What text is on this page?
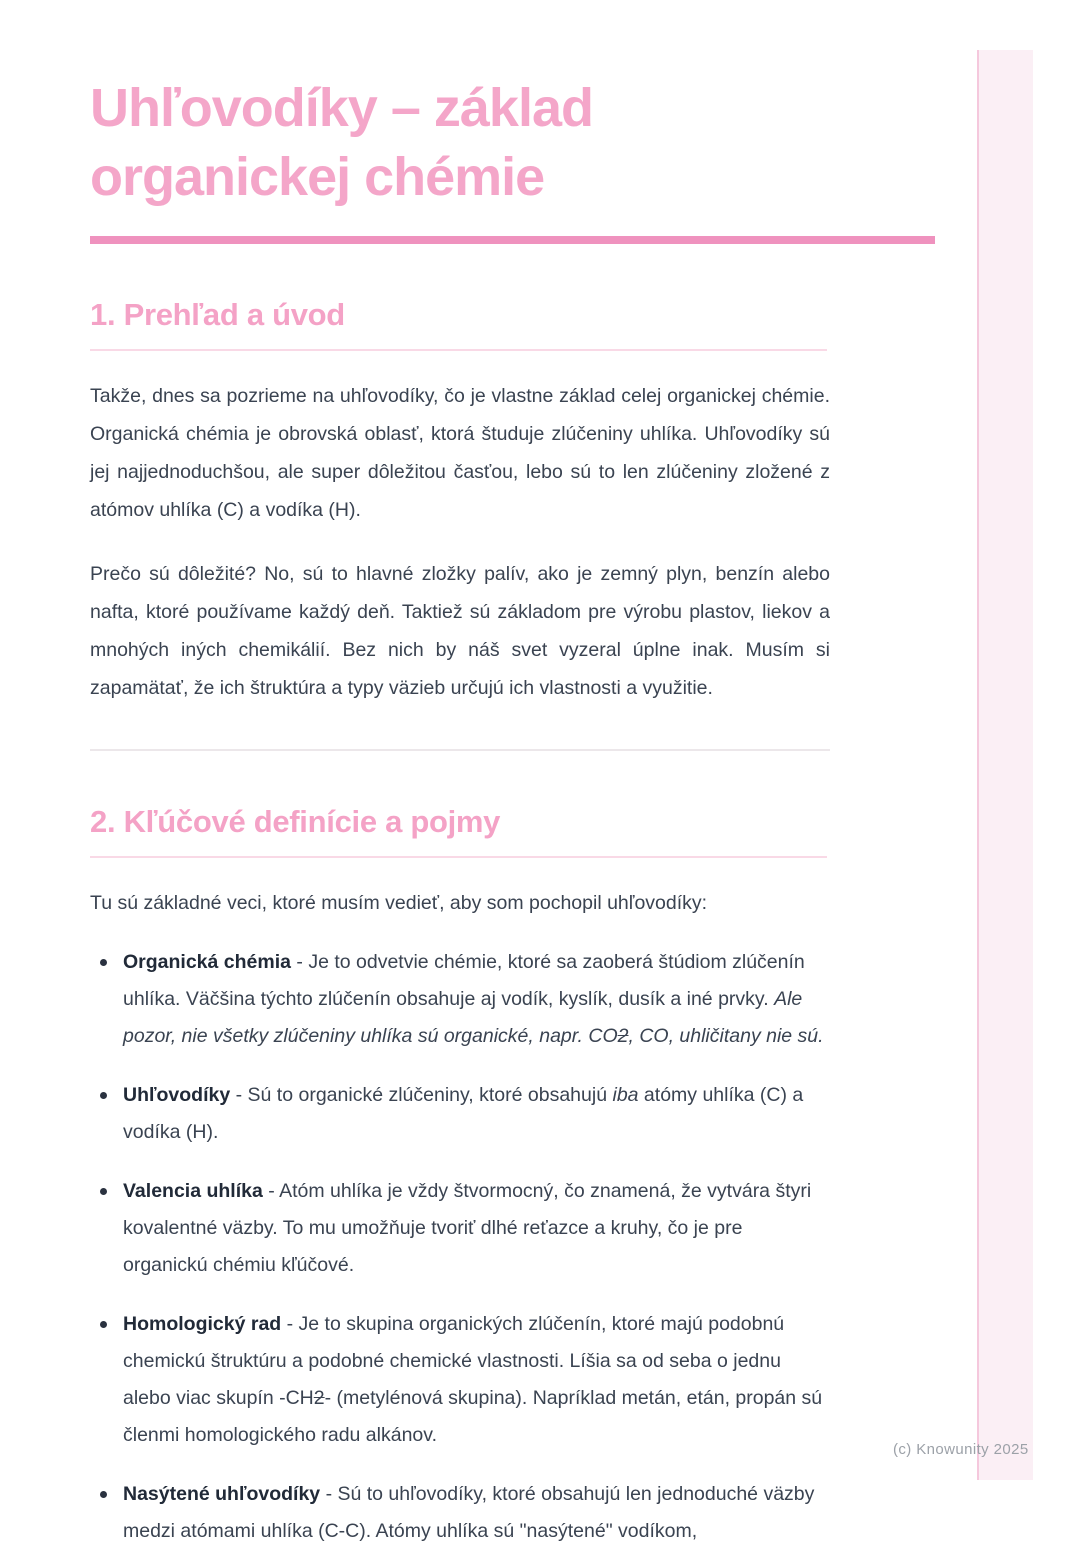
(c) Knowunity 2025
Uhľovodíky – základ organickej chémie
1. Prehľad a úvod

Takže, dnes sa pozrieme na uhľovodíky, čo je vlastne základ celej organickej chémie. Organická chémia je obrovská oblasť, ktorá študuje zlúčeniny uhlíka. Uhľovodíky sú jej najjednoduchšou, ale super dôležitou časťou, lebo sú to len zlúčeniny zložené z atómov uhlíka (C) a vodíka (H).

Prečo sú dôležité? No, sú to hlavné zložky palív, ako je zemný plyn, benzín alebo nafta, ktoré používame každý deň. Taktiež sú základom pre výrobu plastov, liekov a mnohých iných chemikálií. Bez nich by náš svet vyzeral úplne inak. Musím si zapamätať, že ich štruktúra a typy väzieb určujú ich vlastnosti a využitie.

2. Kľúčové definície a pojmy

Tu sú základné veci, ktoré musím vedieť, aby som pochopil uhľovodíky:

Organická chémia - Je to odvetvie chémie, ktoré sa zaoberá štúdiom zlúčenín uhlíka. Väčšina týchto zlúčenín obsahuje aj vodík, kyslík, dusík a iné prvky. Ale pozor, nie všetky zlúčeniny uhlíka sú organické, napr. CO2, CO, uhličitany nie sú.
Uhľovodíky - Sú to organické zlúčeniny, ktoré obsahujú iba atómy uhlíka (C) a vodíka (H).
Valencia uhlíka - Atóm uhlíka je vždy štvormocný, čo znamená, že vytvára štyri kovalentné väzby. To mu umožňuje tvoriť dlhé reťazce a kruhy, čo je pre organickú chémiu kľúčové.
Homologický rad - Je to skupina organických zlúčenín, ktoré majú podobnú chemickú štruktúru a podobné chemické vlastnosti. Líšia sa od seba o jednu alebo viac skupín -CH2- (metylénová skupina). Napríklad metán, etán, propán sú členmi homologického radu alkánov.
Nasýtené uhľovodíky - Sú to uhľovodíky, ktoré obsahujú len jednoduché väzby medzi atómami uhlíka (C-C). Atómy uhlíka sú "nasýtené" vodíkom,
